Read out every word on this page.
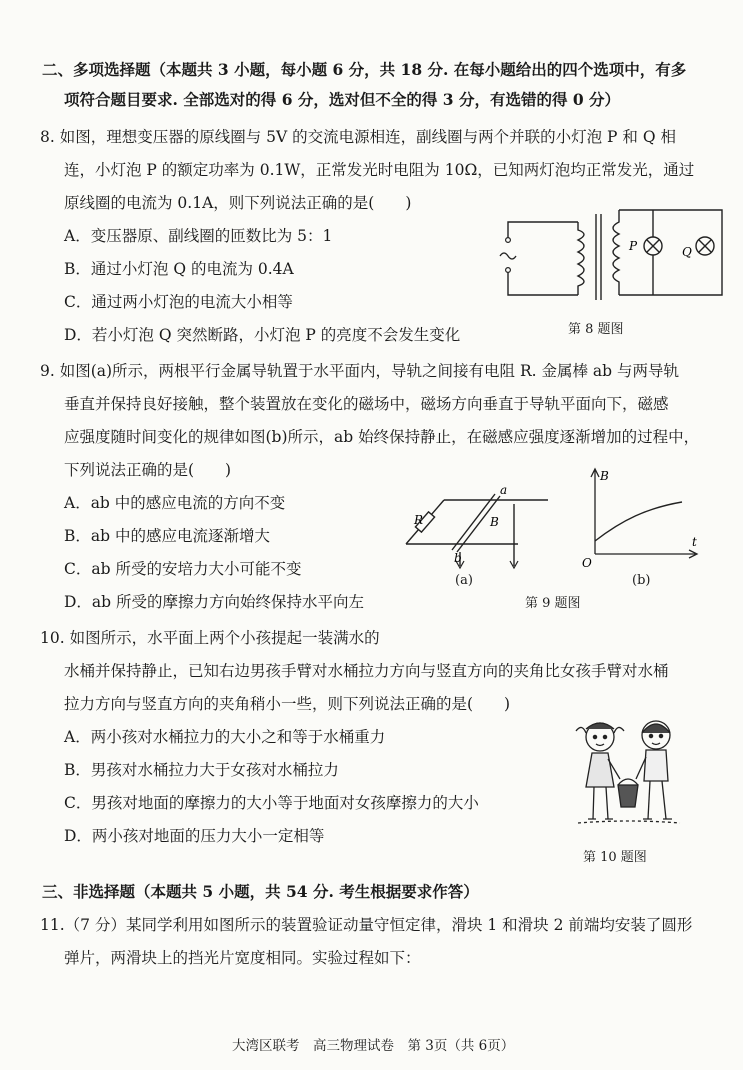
二、多项选择题（本题共 3 小题，每小题 6 分，共 18 分. 在每小题给出的四个选项中，有多
项符合题目要求. 全部选对的得 6 分，选对但不全的得 3 分，有选错的得 0 分）
8. 如图，理想变压器的原线圈与 5V 的交流电源相连，副线圈与两个并联的小灯泡 P 和 Q 相
连，小灯泡 P 的额定功率为 0.1W，正常发光时电阻为 10Ω，已知两灯泡均正常发光，通过
原线圈的电流为 0.1A，则下列说法正确的是(　　)
A．变压器原、副线圈的匝数比为 5：1
B．通过小灯泡 Q 的电流为 0.4A
C．通过两小灯泡的电流大小相等
D．若小灯泡 Q 突然断路，小灯泡 P 的亮度不会发生变化
P	Q
第 8 题图
9. 如图(a)所示，两根平行金属导轨置于水平面内，导轨之间接有电阻 R. 金属棒 ab 与两导轨
垂直并保持良好接触，整个装置放在变化的磁场中，磁场方向垂直于导轨平面向下，磁感
应强度随时间变化的规律如图(b)所示，ab 始终保持静止，在磁感应强度逐渐增加的过程中，
下列说法正确的是(　　)
A．ab 中的感应电流的方向不变
B．ab 中的感应电流逐渐增大
C．ab 所受的安培力大小可能不变
D．ab 所受的摩擦力方向始终保持水平向左
R
a
b
B
(a)
B
t
O
(b)
第 9 题图
10. 如图所示，水平面上两个小孩提起一装满水的
水桶并保持静止，已知右边男孩手臂对水桶拉力方向与竖直方向的夹角比女孩手臂对水桶
拉力方向与竖直方向的夹角稍小一些，则下列说法正确的是(　　)
A．两小孩对水桶拉力的大小之和等于水桶重力
B．男孩对水桶拉力大于女孩对水桶拉力
C．男孩对地面的摩擦力的大小等于地面对女孩摩擦力的大小
D．两小孩对地面的压力大小一定相等
第 10 题图
三、非选择题（本题共 5 小题，共 54 分. 考生根据要求作答）
11.（7 分）某同学利用如图所示的装置验证动量守恒定律，滑块 1 和滑块 2 前端均安装了圆形
弹片，两滑块上的挡光片宽度相同。实验过程如下：
大湾区联考　高三物理试卷　第 3页（共 6页）
